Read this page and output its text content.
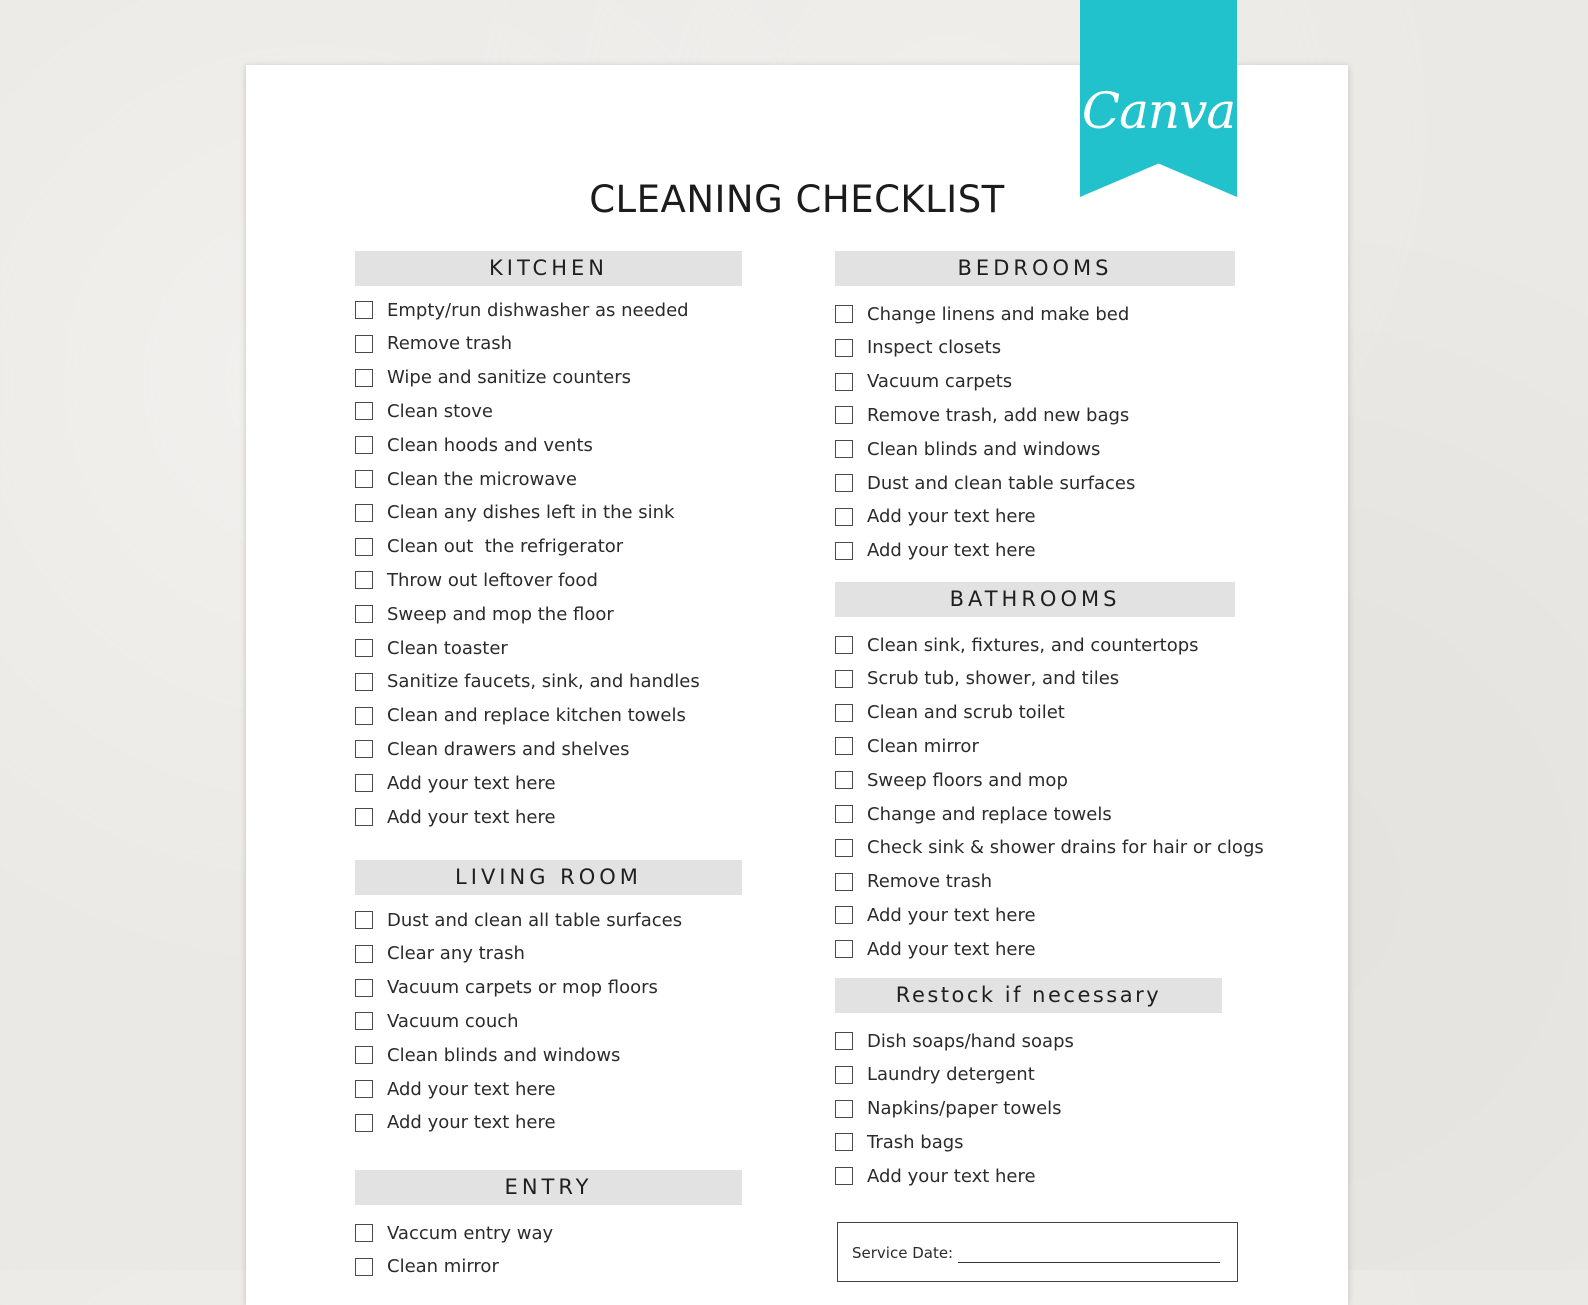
Canva
CLEANING CHECKLIST
KITCHEN
Empty/run dishwasher as needed
Remove trash
Wipe and sanitize counters
Clean stove
Clean hoods and vents
Clean the microwave
Clean any dishes left in the sink
Clean out  the refrigerator
Throw out leftover food
Sweep and mop the floor
Clean toaster
Sanitize faucets, sink, and handles
Clean and replace kitchen towels
Clean drawers and shelves
Add your text here
Add your text here
LIVING ROOM
Dust and clean all table surfaces
Clear any trash
Vacuum carpets or mop floors
Vacuum couch
Clean blinds and windows
Add your text here
Add your text here
ENTRY
Vaccum entry way
Clean mirror
BEDROOMS
Change linens and make bed
Inspect closets
Vacuum carpets
Remove trash, add new bags
Clean blinds and windows
Dust and clean table surfaces
Add your text here
Add your text here
BATHROOMS
Clean sink, fixtures, and countertops
Scrub tub, shower, and tiles
Clean and scrub toilet
Clean mirror
Sweep floors and mop
Change and replace towels
Check sink & shower drains for hair or clogs
Remove trash
Add your text here
Add your text here
Restock if necessary
Dish soaps/hand soaps
Laundry detergent
Napkins/paper towels
Trash bags
Add your text here
Service Date:
